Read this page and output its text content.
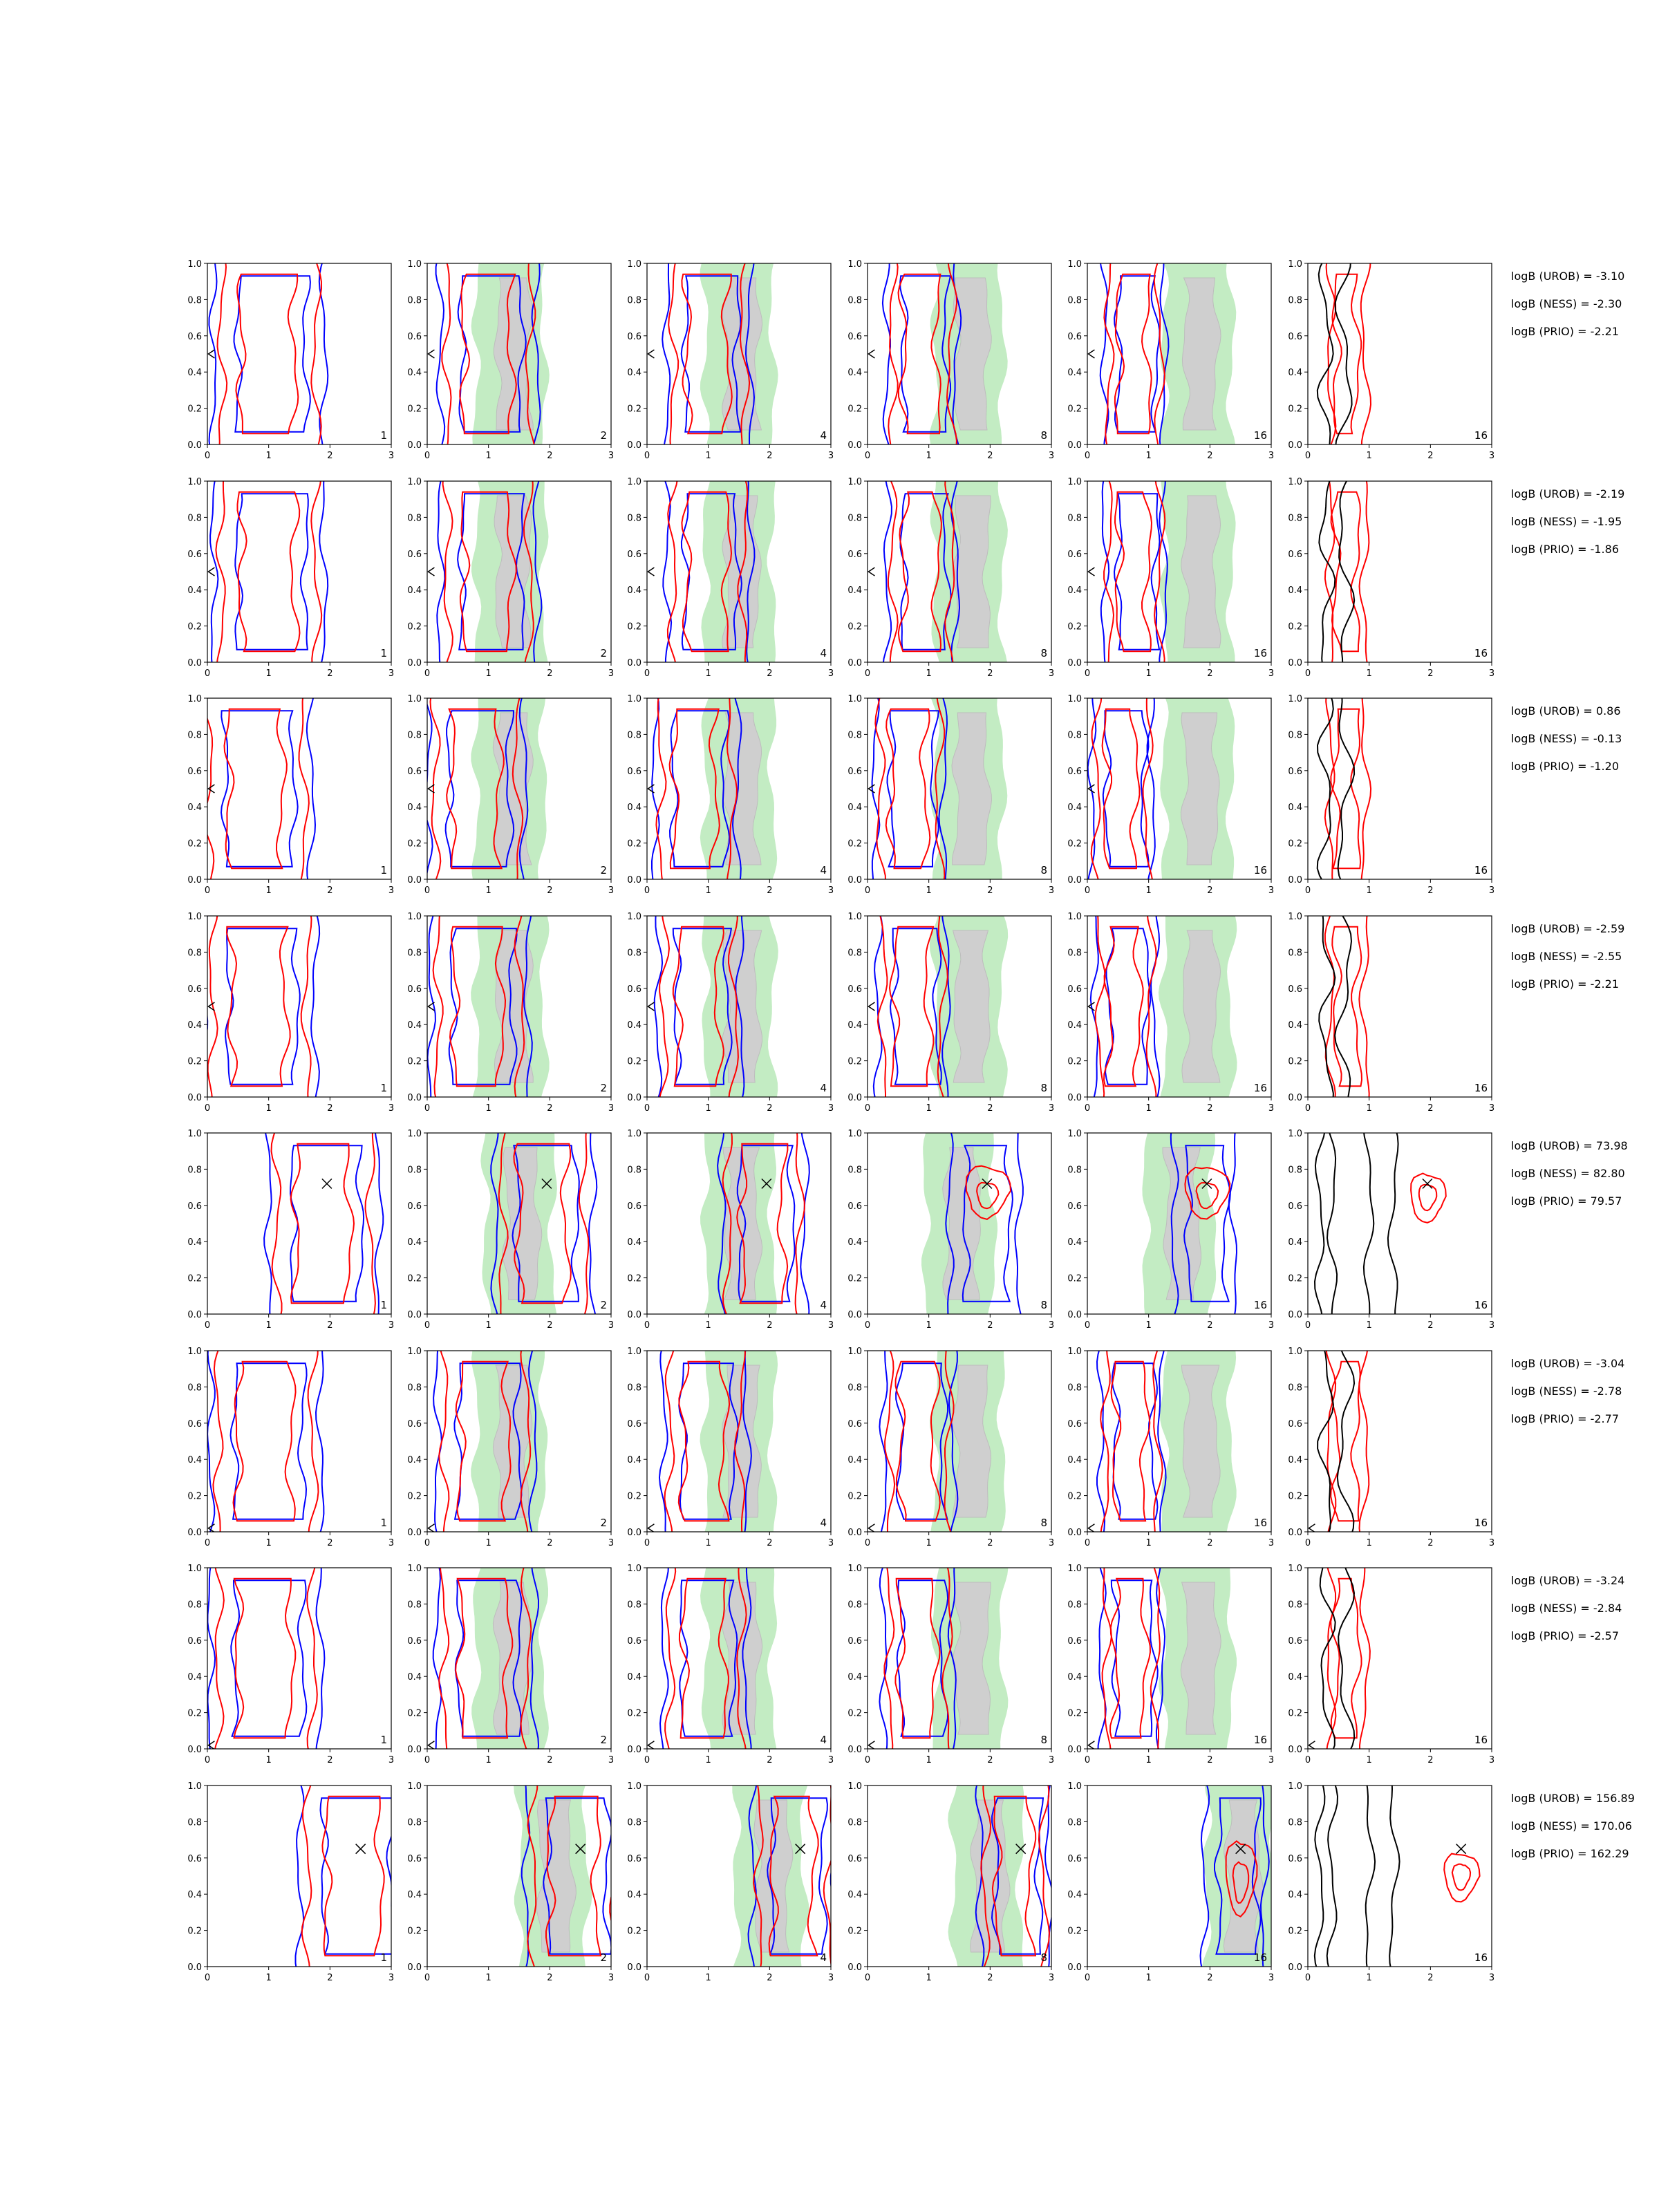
0	1	2	3
0.0
0.2
0.4
0.6
0.8
1.0
1
0	1	2	3
0.0
0.2
0.4
0.6
0.8
1.0
2
0	1	2	3
0.0
0.2
0.4
0.6
0.8
1.0
4
0	1	2	3
0.0
0.2
0.4
0.6
0.8
1.0
8
0	1	2	3
0.0
0.2
0.4
0.6
0.8
1.0
16
0	1	2	3
0.0
0.2
0.4
0.6
0.8
1.0
16
logB (UROB) = -3.10
logB (NESS) = -2.30
logB (PRIO) = -2.21
0	1	2	3
0.0
0.2
0.4
0.6
0.8
1.0
1
0	1	2	3
0.0
0.2
0.4
0.6
0.8
1.0
2
0	1	2	3
0.0
0.2
0.4
0.6
0.8
1.0
4
0	1	2	3
0.0
0.2
0.4
0.6
0.8
1.0
8
0	1	2	3
0.0
0.2
0.4
0.6
0.8
1.0
16
0	1	2	3
0.0
0.2
0.4
0.6
0.8
1.0
16
logB (UROB) = -2.19
logB (NESS) = -1.95
logB (PRIO) = -1.86
0	1	2	3
0.0
0.2
0.4
0.6
0.8
1.0
1
0	1	2	3
0.0
0.2
0.4
0.6
0.8
1.0
2
0	1	2	3
0.0
0.2
0.4
0.6
0.8
1.0
4
0	1	2	3
0.0
0.2
0.4
0.6
0.8
1.0
8
0	1	2	3
0.0
0.2
0.4
0.6
0.8
1.0
16
0	1	2	3
0.0
0.2
0.4
0.6
0.8
1.0
16
logB (UROB) = 0.86
logB (NESS) = -0.13
logB (PRIO) = -1.20
0	1	2	3
0.0
0.2
0.4
0.6
0.8
1.0
1
0	1	2	3
0.0
0.2
0.4
0.6
0.8
1.0
2
0	1	2	3
0.0
0.2
0.4
0.6
0.8
1.0
4
0	1	2	3
0.0
0.2
0.4
0.6
0.8
1.0
8
0	1	2	3
0.0
0.2
0.4
0.6
0.8
1.0
16
0	1	2	3
0.0
0.2
0.4
0.6
0.8
1.0
16
logB (UROB) = -2.59
logB (NESS) = -2.55
logB (PRIO) = -2.21
0	1	2	3
0.0
0.2
0.4
0.6
0.8
1.0
1
0	1	2	3
0.0
0.2
0.4
0.6
0.8
1.0
2
0	1	2	3
0.0
0.2
0.4
0.6
0.8
1.0
4
0	1	2	3
0.0
0.2
0.4
0.6
0.8
1.0
8
0	1	2	3
0.0
0.2
0.4
0.6
0.8
1.0
16
0	1	2	3
0.0
0.2
0.4
0.6
0.8
1.0
16
logB (UROB) = 73.98
logB (NESS) = 82.80
logB (PRIO) = 79.57
0	1	2	3
0.0
0.2
0.4
0.6
0.8
1.0
1
0	1	2	3
0.0
0.2
0.4
0.6
0.8
1.0
2
0	1	2	3
0.0
0.2
0.4
0.6
0.8
1.0
4
0	1	2	3
0.0
0.2
0.4
0.6
0.8
1.0
8
0	1	2	3
0.0
0.2
0.4
0.6
0.8
1.0
16
0	1	2	3
0.0
0.2
0.4
0.6
0.8
1.0
16
logB (UROB) = -3.04
logB (NESS) = -2.78
logB (PRIO) = -2.77
0	1	2	3
0.0
0.2
0.4
0.6
0.8
1.0
1
0	1	2	3
0.0
0.2
0.4
0.6
0.8
1.0
2
0	1	2	3
0.0
0.2
0.4
0.6
0.8
1.0
4
0	1	2	3
0.0
0.2
0.4
0.6
0.8
1.0
8
0	1	2	3
0.0
0.2
0.4
0.6
0.8
1.0
16
0	1	2	3
0.0
0.2
0.4
0.6
0.8
1.0
16
logB (UROB) = -3.24
logB (NESS) = -2.84
logB (PRIO) = -2.57
0	1	2	3
0.0
0.2
0.4
0.6
0.8
1.0
1
0	1	2	3
0.0
0.2
0.4
0.6
0.8
1.0
2
0	1	2	3
0.0
0.2
0.4
0.6
0.8
1.0
4
0	1	2	3
0.0
0.2
0.4
0.6
0.8
1.0
8
0	1	2	3
0.0
0.2
0.4
0.6
0.8
1.0
16
0	1	2	3
0.0
0.2
0.4
0.6
0.8
1.0
16
logB (UROB) = 156.89
logB (NESS) = 170.06
logB (PRIO) = 162.29
